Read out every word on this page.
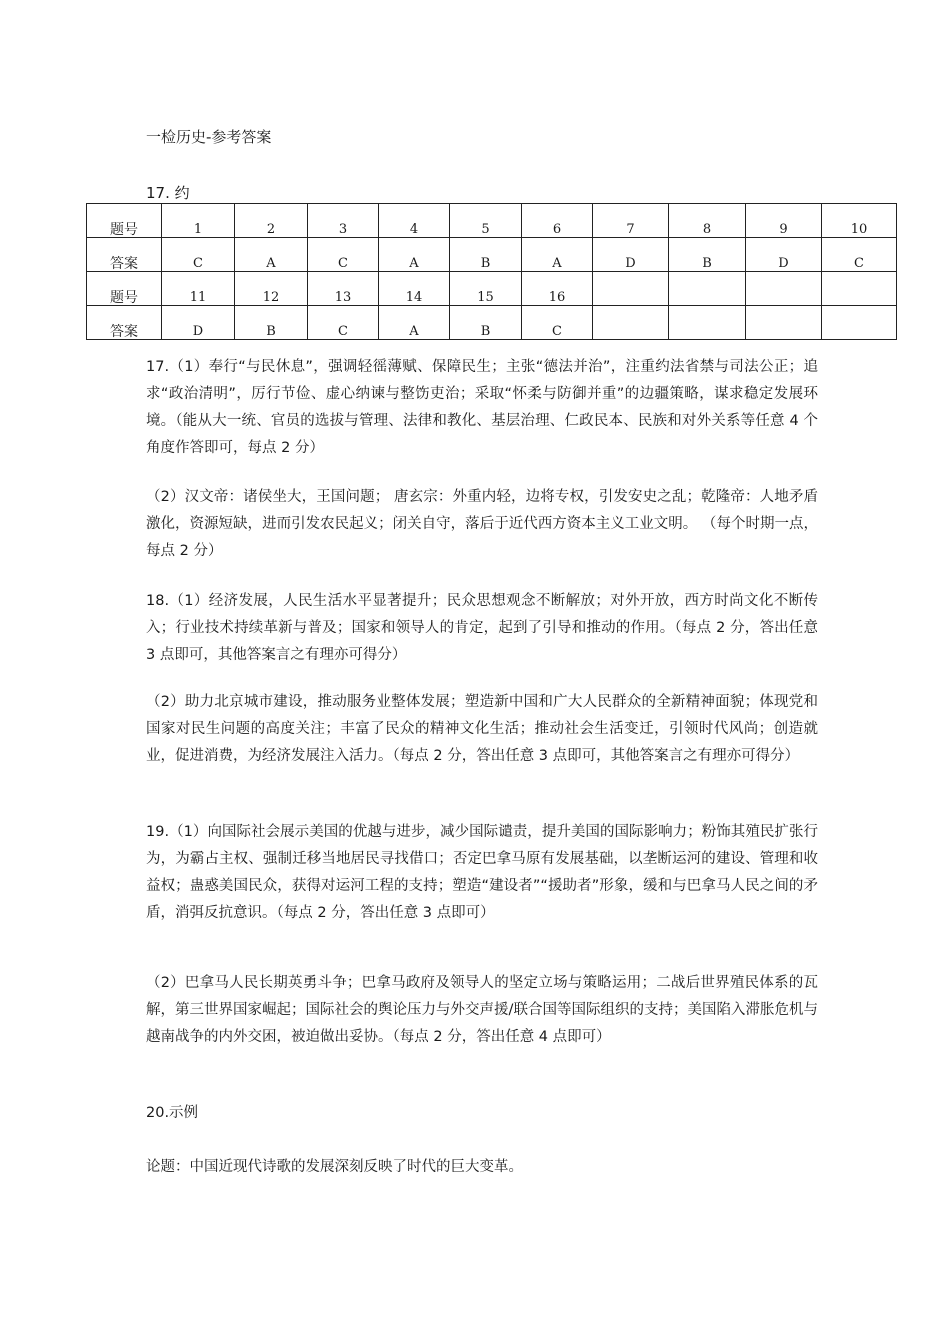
一检历史-参考答案
17. 约
题号	1	2	3	4	5	6	7	8	9	10
答案	C	A	C	A	B	A	D	B	D	C
题号	11	12	13	14	15	16				
答案	D	B	C	A	B	C				

17.（1）奉行“与民休息”，强调轻徭薄赋、保障民生；主张“德法并治”，注重约法省禁与司法公正；追求“政治清明”，厉行节俭、虚心纳谏与整饬吏治；采取“怀柔与防御并重”的边疆策略，谋求稳定发展环境。（能从大一统、官员的选拔与管理、法律和教化、基层治理、仁政民本、民族和对外关系等任意 4 个角度作答即可，每点 2 分）

（2）汉文帝：诸侯坐大，王国问题； 唐玄宗：外重内轻，边将专权，引发安史之乱；乾隆帝：人地矛盾激化，资源短缺，进而引发农民起义；闭关自守，落后于近代西方资本主义工业文明。 （每个时期一点，每点 2 分）

18.（1）经济发展，人民生活水平显著提升；民众思想观念不断解放；对外开放，西方时尚文化不断传入；行业技术持续革新与普及；国家和领导人的肯定，起到了引导和推动的作用。（每点 2 分，答出任意 3 点即可，其他答案言之有理亦可得分）

（2）助力北京城市建设，推动服务业整体发展；塑造新中国和广大人民群众的全新精神面貌；体现党和国家对民生问题的高度关注；丰富了民众的精神文化生活；推动社会生活变迁，引领时代风尚；创造就业，促进消费，为经济发展注入活力。（每点 2 分，答出任意 3 点即可，其他答案言之有理亦可得分）

19.（1）向国际社会展示美国的优越与进步，减少国际谴责，提升美国的国际影响力；粉饰其殖民扩张行为，为霸占主权、强制迁移当地居民寻找借口；否定巴拿马原有发展基础，以垄断运河的建设、管理和收益权；蛊惑美国民众，获得对运河工程的支持；塑造“建设者”“援助者”形象，缓和与巴拿马人民之间的矛盾，消弭反抗意识。（每点 2 分，答出任意 3 点即可）

（2）巴拿马人民长期英勇斗争；巴拿马政府及领导人的坚定立场与策略运用；二战后世界殖民体系的瓦解，第三世界国家崛起；国际社会的舆论压力与外交声援/联合国等国际组织的支持；美国陷入滞胀危机与越南战争的内外交困，被迫做出妥协。（每点 2 分，答出任意 4 点即可）

20.示例

论题：中国近现代诗歌的发展深刻反映了时代的巨大变革。
